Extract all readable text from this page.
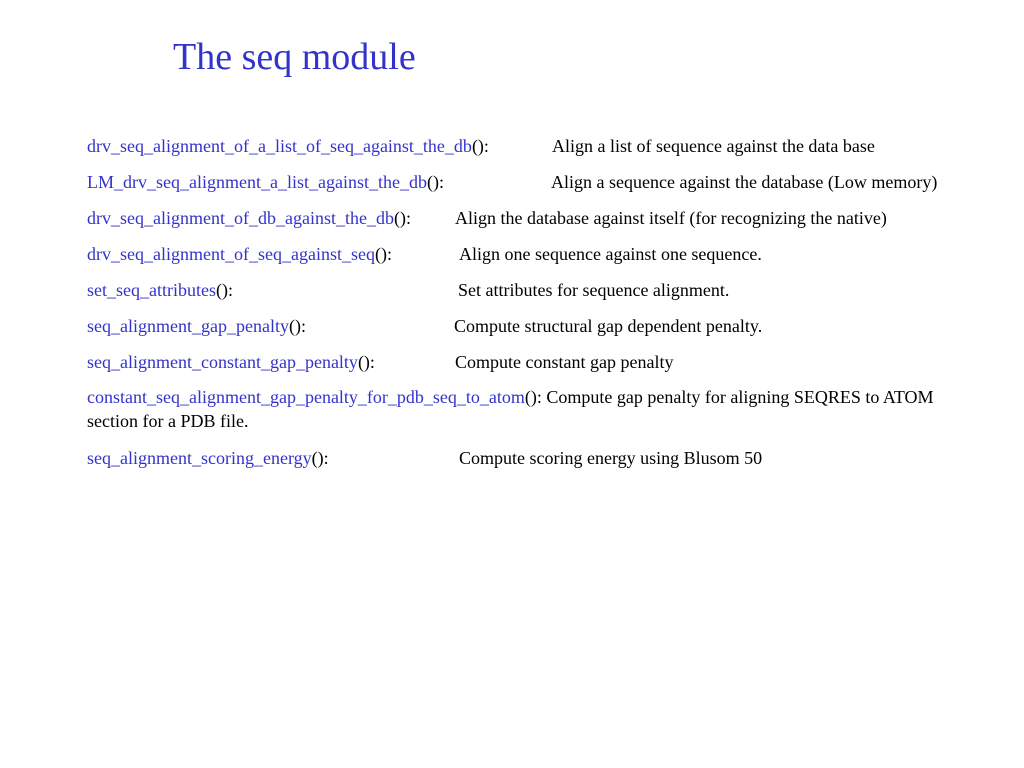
The seq module
drv_seq_alignment_of_a_list_of_seq_against_the_db():	Align a list of sequence against the data base
LM_drv_seq_alignment_a_list_against_the_db():	Align a sequence against the database (Low memory)
drv_seq_alignment_of_db_against_the_db(): Align the database against itself (for recognizing the native)
drv_seq_alignment_of_seq_against_seq():	Align one sequence against one sequence.
set_seq_attributes():	Set attributes for sequence alignment.
seq_alignment_gap_penalty():	Compute structural gap dependent penalty.
seq_alignment_constant_gap_penalty():	Compute constant gap penalty
constant_seq_alignment_gap_penalty_for_pdb_seq_to_atom(): Compute gap penalty for aligning SEQRES to ATOM section for a PDB file.
seq_alignment_scoring_energy():	Compute scoring energy using Blusom 50
